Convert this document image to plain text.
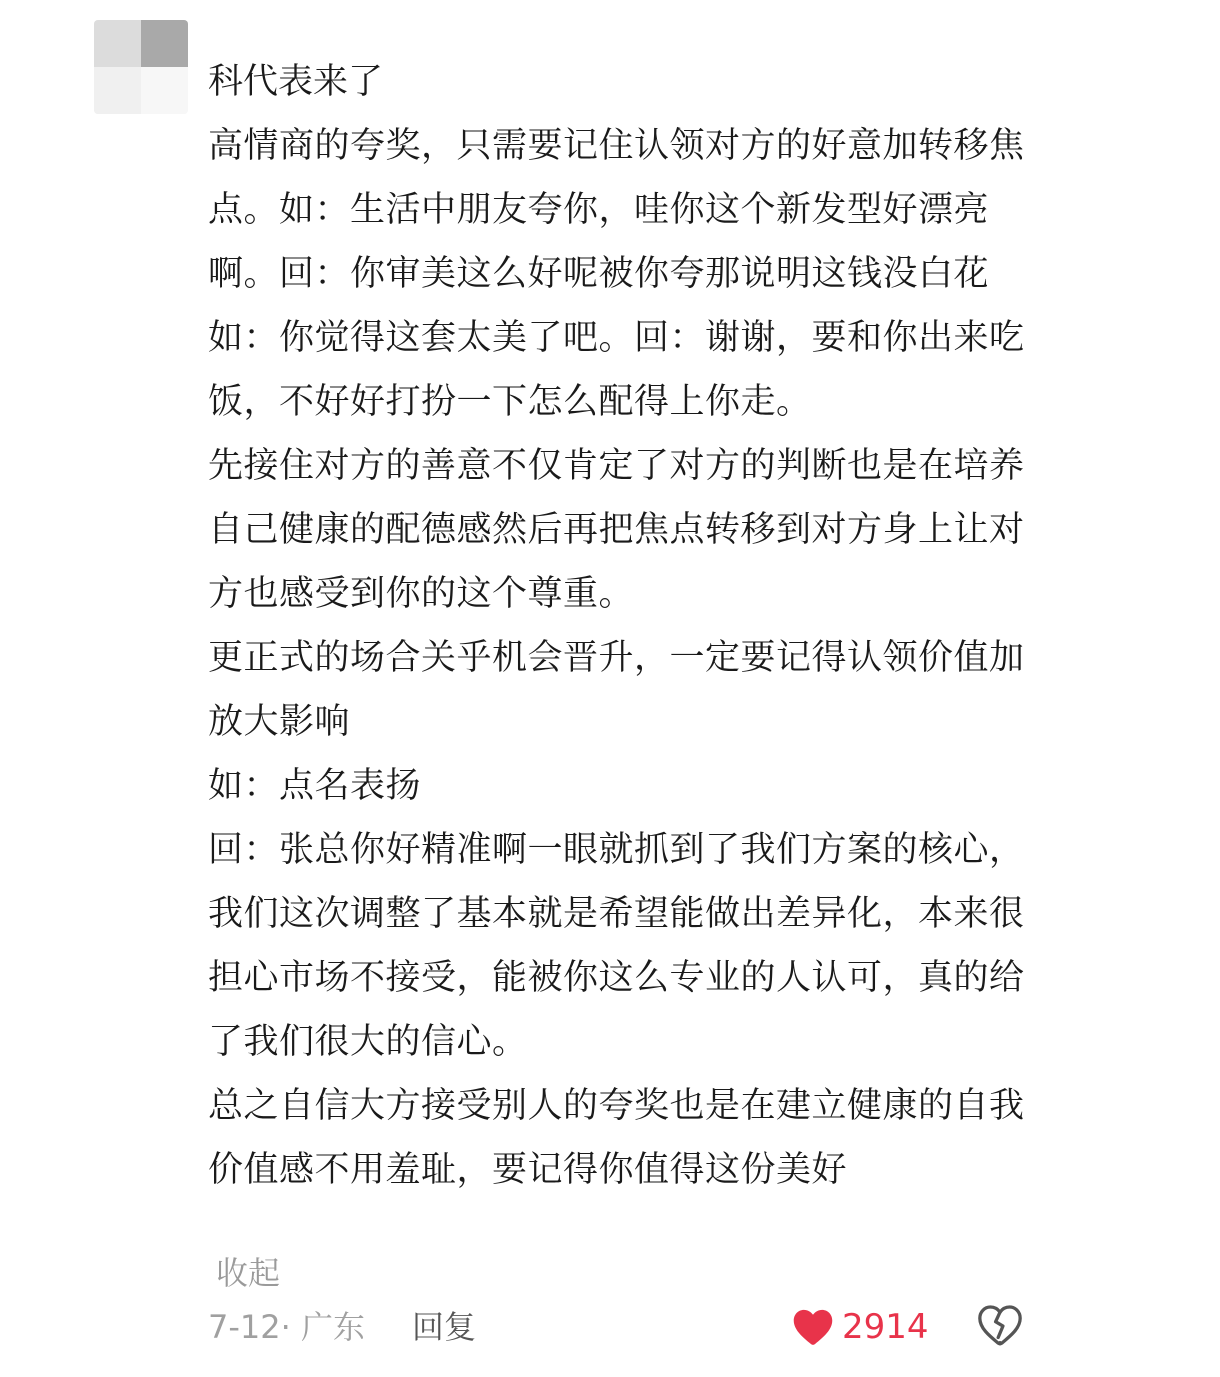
科代表来了

高情商的夸奖，只需要记住认领对方的好意加转移焦点。如：生活中朋友夸你，哇你这个新发型好漂亮啊。回：你审美这么好呢被你夸那说明这钱没白花

如：你觉得这套太美了吧。回：谢谢，要和你出来吃饭，不好好打扮一下怎么配得上你走。

先接住对方的善意不仅肯定了对方的判断也是在培养自己健康的配德感然后再把焦点转移到对方身上让对方也感受到你的这个尊重。

更正式的场合关乎机会晋升，一定要记得认领价值加放大影响

如：点名表扬

回：张总你好精准啊一眼就抓到了我们方案的核心，我们这次调整了基本就是希望能做出差异化，本来很担心市场不接受，能被你这么专业的人认可，真的给了我们很大的信心。

总之自信大方接受别人的夸奖也是在建立健康的自我价值感不用羞耻，要记得你值得这份美好

收起
7-12· 广东 回复	2914
